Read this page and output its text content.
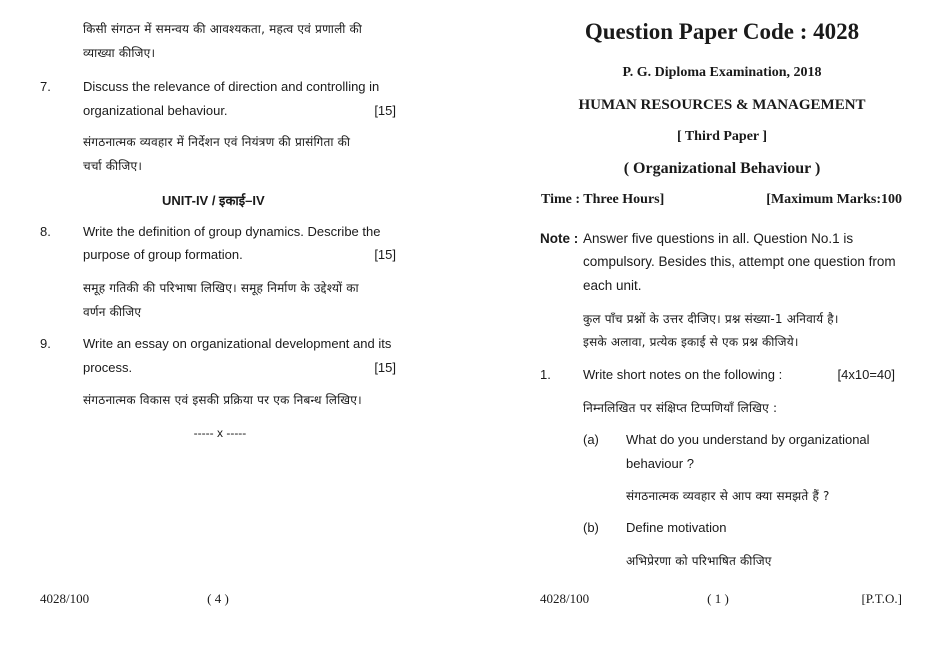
किसी संगठन में समन्वय की आवश्यकता, महत्व एवं प्रणाली की
व्याख्या कीजिए।
7. Discuss the relevance of direction and controlling in
organizational behaviour.	[15]
संगठनात्मक व्यवहार में निर्देशन एवं नियंत्रण की प्रासंगिता की
चर्चा कीजिए।
UNIT-IV / इकाई–IV
8. Write the definition of group dynamics. Describe the
purpose of group formation.	[15]
समूह गतिकी की परिभाषा लिखिए। समूह निर्माण के उद्देश्यों का
वर्णन कीजिए
9. Write an essay on organizational development and its
process.	[15]
संगठनात्मक विकास एवं इसकी प्रक्रिया पर एक निबन्ध लिखिए।
----- x -----
4028/100	( 4 )
Question Paper Code : 4028
P. G. Diploma Examination, 2018
HUMAN RESOURCES & MANAGEMENT
[ Third Paper ]
( Organizational Behaviour )
Time : Three Hours]	[Maximum Marks:100
Note : Answer five questions in all. Question No.1 is
compulsory. Besides this, attempt one question from
each unit.
कुल पाँच प्रश्नों के उत्तर दीजिए। प्रश्न संख्या-1 अनिवार्य है।
इसके अलावा, प्रत्येक इकाई से एक प्रश्न कीजिये।
1. Write short notes on the following :	[4x10=40]
निम्नलिखित पर संक्षिप्त टिप्पणियाँ लिखिए :
(a) What do you understand by organizational
behaviour ?
संगठनात्मक व्यवहार से आप क्या समझते हैं ?
(b) Define motivation
अभिप्रेरणा को परिभाषित कीजिए
4028/100	( 1 )	[P.T.O.]
